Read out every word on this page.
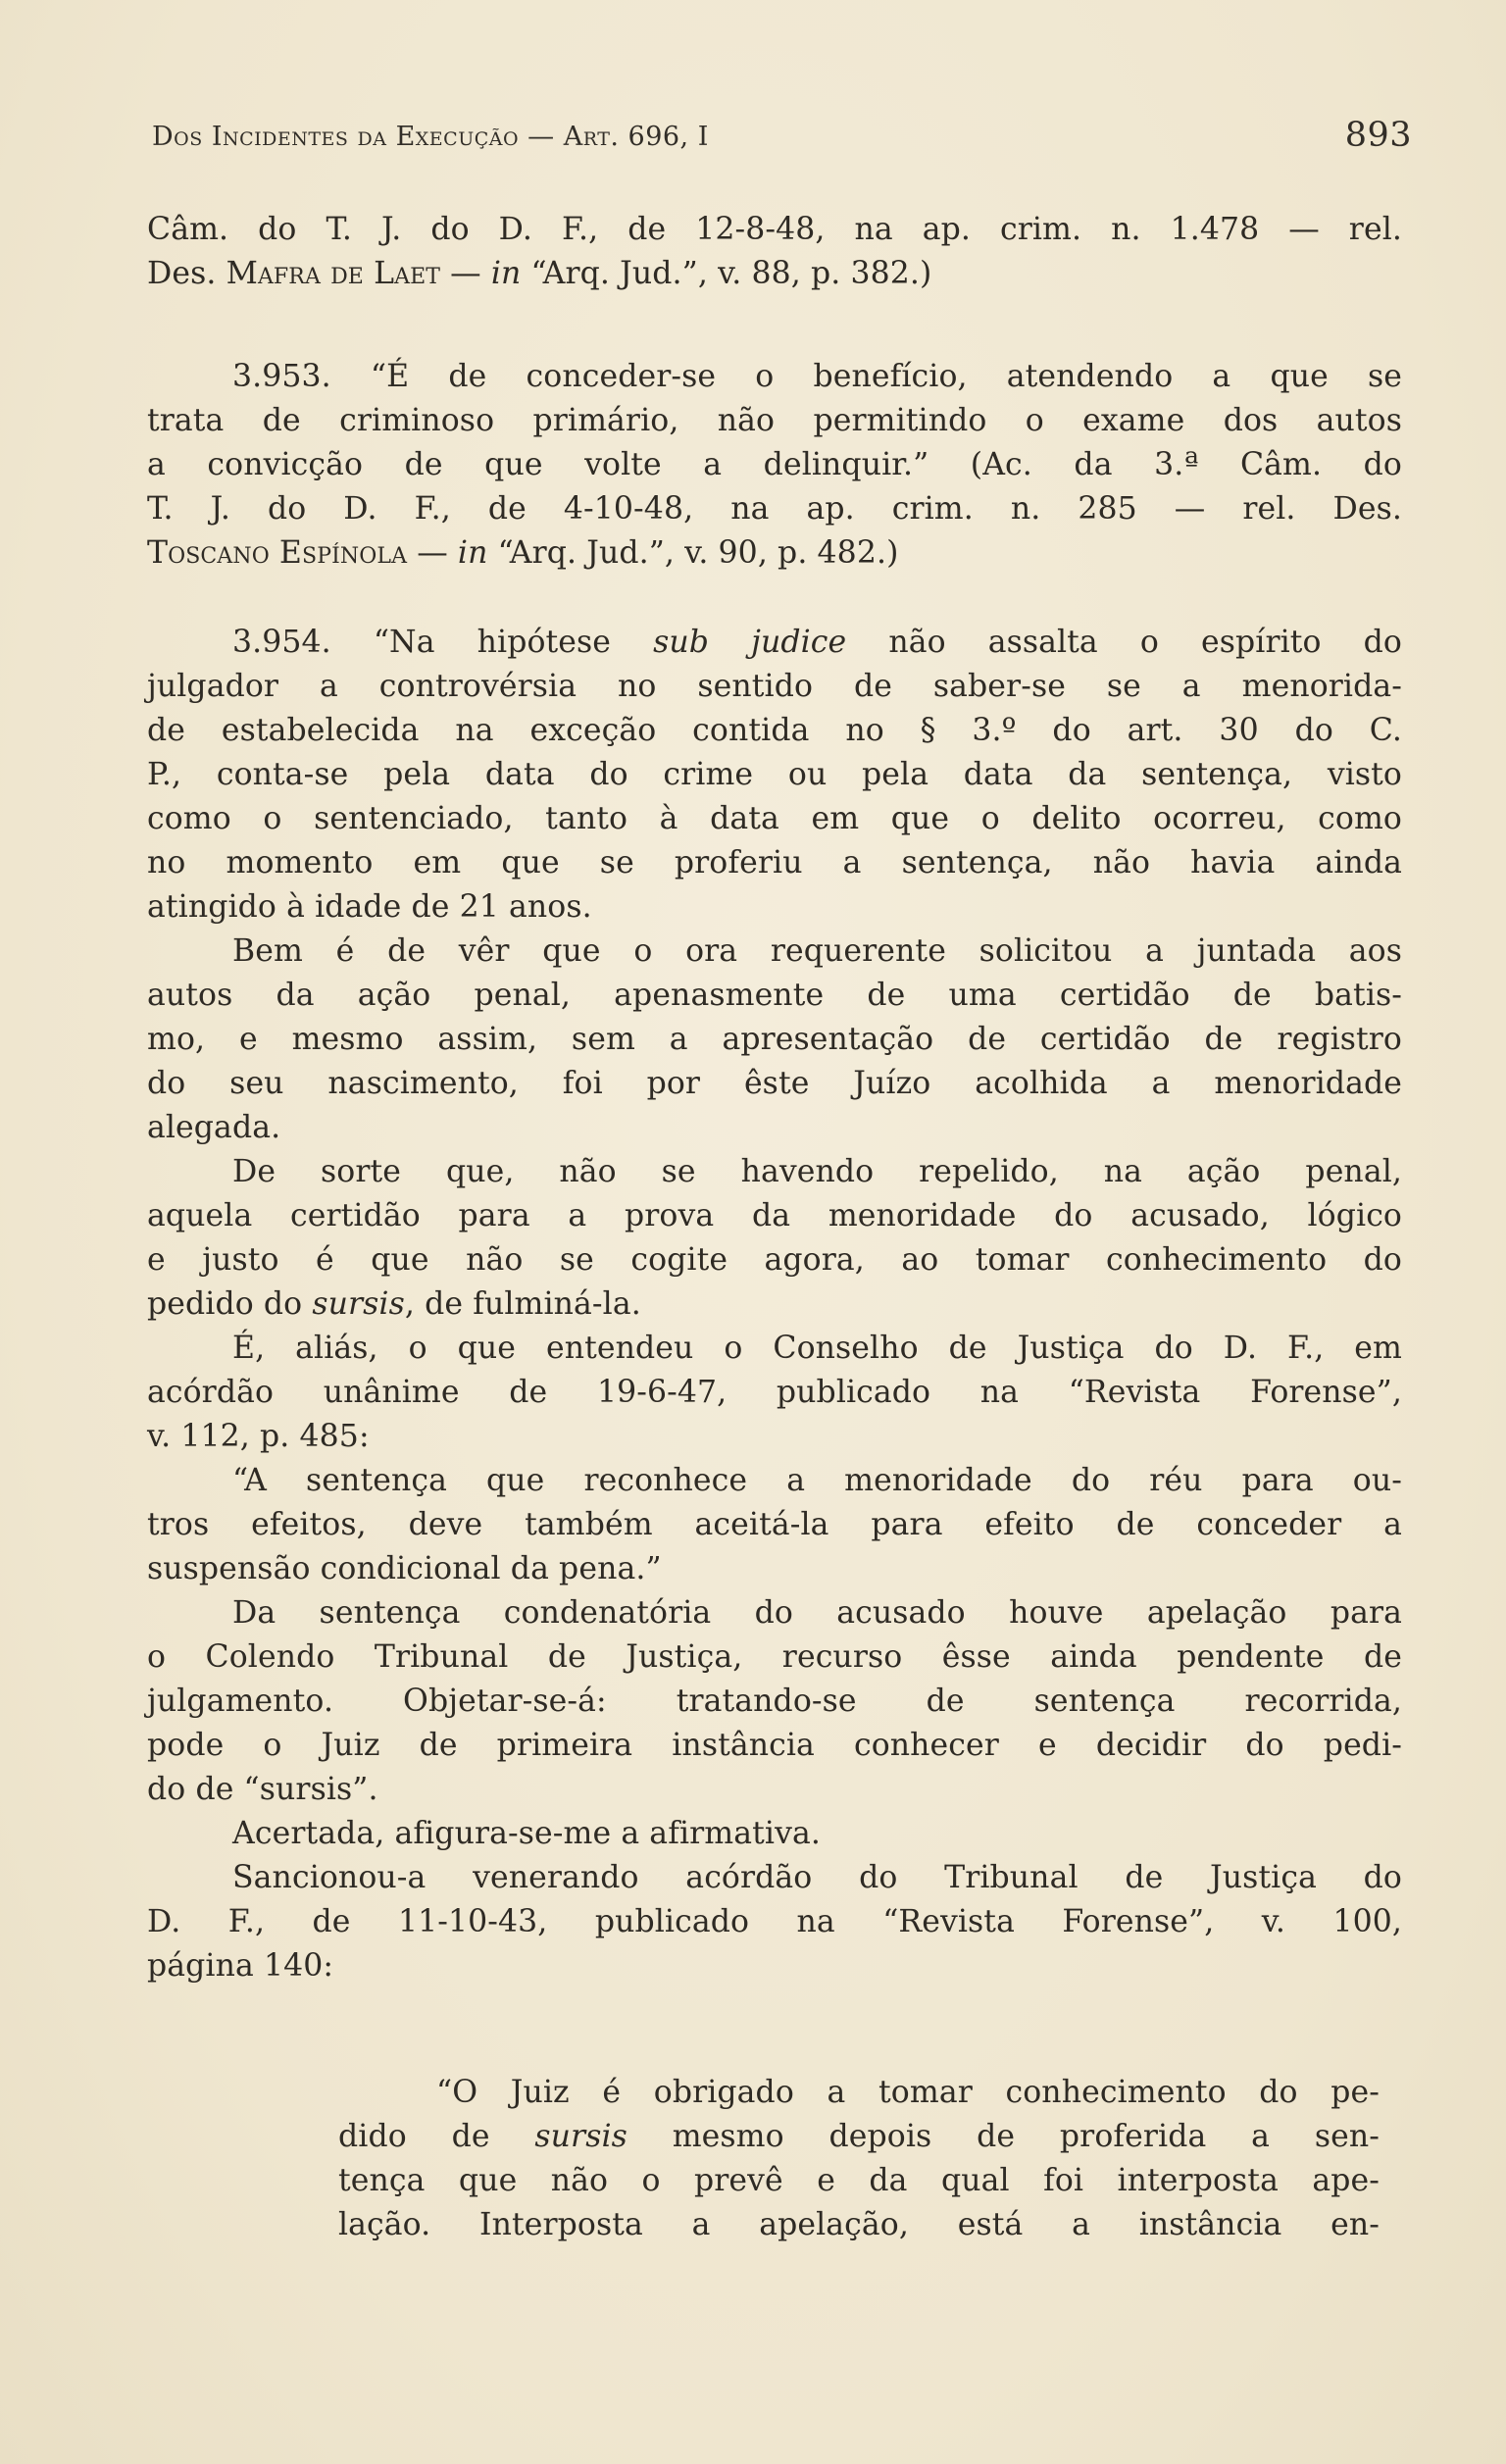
Dos Incidentes da Execução — Art. 696, I	893
Câm. do T. J. do D. F., de 12-8-48, na ap. crim. n. 1.478 — rel.
Des. Mafra de Laet — in “Arq. Jud.”, v. 88, p. 382.)
3.953. “É de conceder-se o benefício, atendendo a que se
trata de criminoso primário, não permitindo o exame dos autos
a convicção de que volte a delinquir.” (Ac. da 3.ª Câm. do
T. J. do D. F., de 4-10-48, na ap. crim. n. 285 — rel. Des.
Toscano Espínola — in “Arq. Jud.”, v. 90, p. 482.)
3.954. “Na hipótese sub judice não assalta o espírito do
julgador a controvérsia no sentido de saber-se se a menorida-
de estabelecida na exceção contida no § 3.º do art. 30 do C.
P., conta-se pela data do crime ou pela data da sentença, visto
como o sentenciado, tanto à data em que o delito ocorreu, como
no momento em que se proferiu a sentença, não havia ainda
atingido à idade de 21 anos.
Bem é de vêr que o ora requerente solicitou a juntada aos
autos da ação penal, apenasmente de uma certidão de batis-
mo, e mesmo assim, sem a apresentação de certidão de registro
do seu nascimento, foi por êste Juízo acolhida a menoridade
alegada.
De sorte que, não se havendo repelido, na ação penal,
aquela certidão para a prova da menoridade do acusado, lógico
e justo é que não se cogite agora, ao tomar conhecimento do
pedido do sursis, de fulminá-la.
É, aliás, o que entendeu o Conselho de Justiça do D. F., em
acórdão unânime de 19-6-47, publicado na “Revista Forense”,
v. 112, p. 485:
“A sentença que reconhece a menoridade do réu para ou-
tros efeitos, deve também aceitá-la para efeito de conceder a
suspensão condicional da pena.”
Da sentença condenatória do acusado houve apelação para
o Colendo Tribunal de Justiça, recurso êsse ainda pendente de
julgamento. Objetar-se-á: tratando-se de sentença recorrida,
pode o Juiz de primeira instância conhecer e decidir do pedi-
do de “sursis”.
Acertada, afigura-se-me a afirmativa.
Sancionou-a venerando acórdão do Tribunal de Justiça do
D. F., de 11-10-43, publicado na “Revista Forense”, v. 100,
página 140:
“O Juiz é obrigado a tomar conhecimento do pe-
dido de sursis mesmo depois de proferida a sen-
tença que não o prevê e da qual foi interposta ape-
lação. Interposta a apelação, está a instância en-
